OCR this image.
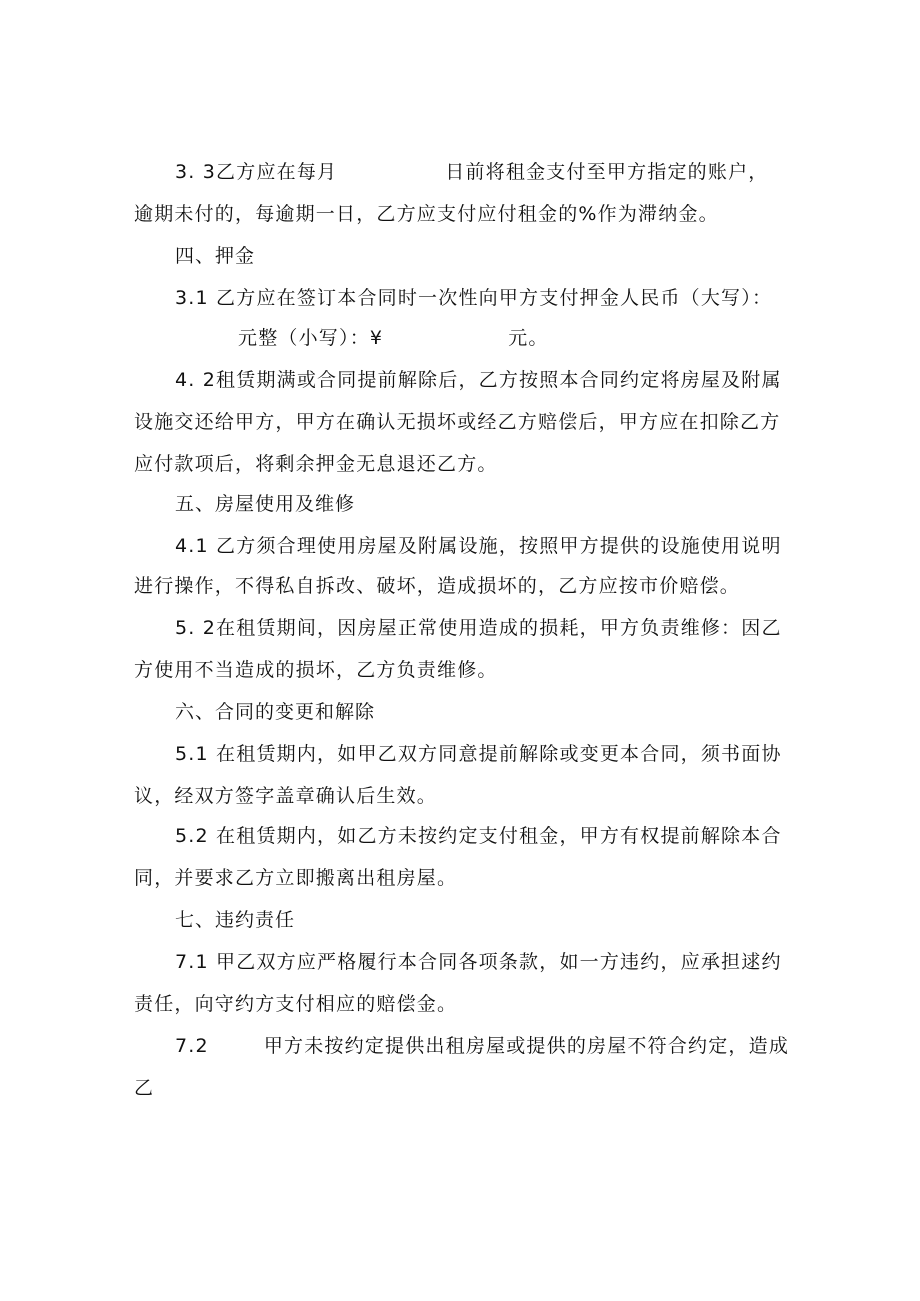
3. 3乙方应在每月	日前将租金支付至甲方指定的账户，
逾期未付的，每逾期一日，乙方应支付应付租金的%作为滞纳金。
四、押金
3.1 乙方应在签订本合同时一次性向甲方支付押金人民币（大写）：
元整（小写）：¥	元。
4. 2租赁期满或合同提前解除后，乙方按照本合同约定将房屋及附属
设施交还给甲方，甲方在确认无损坏或经乙方赔偿后，甲方应在扣除乙方
应付款项后，将剩余押金无息退还乙方。
五、房屋使用及维修
4.1 乙方须合理使用房屋及附属设施，按照甲方提供的设施使用说明
进行操作，不得私自拆改、破坏，造成损坏的，乙方应按市价赔偿。
5. 2在租赁期间，因房屋正常使用造成的损耗，甲方负责维修：因乙
方使用不当造成的损坏，乙方负责维修。
六、合同的变更和解除
5.1 在租赁期内，如甲乙双方同意提前解除或变更本合同，须书面协
议，经双方签字盖章确认后生效。
5.2 在租赁期内，如乙方未按约定支付租金，甲方有权提前解除本合
同，并要求乙方立即搬离出租房屋。
七、违约责任
7.1 甲乙双方应严格履行本合同各项条款，如一方违约，应承担逑约
责任，向守约方支付相应的赔偿金。
7.2	甲方未按约定提供出租房屋或提供的房屋不符合约定，造成
乙
